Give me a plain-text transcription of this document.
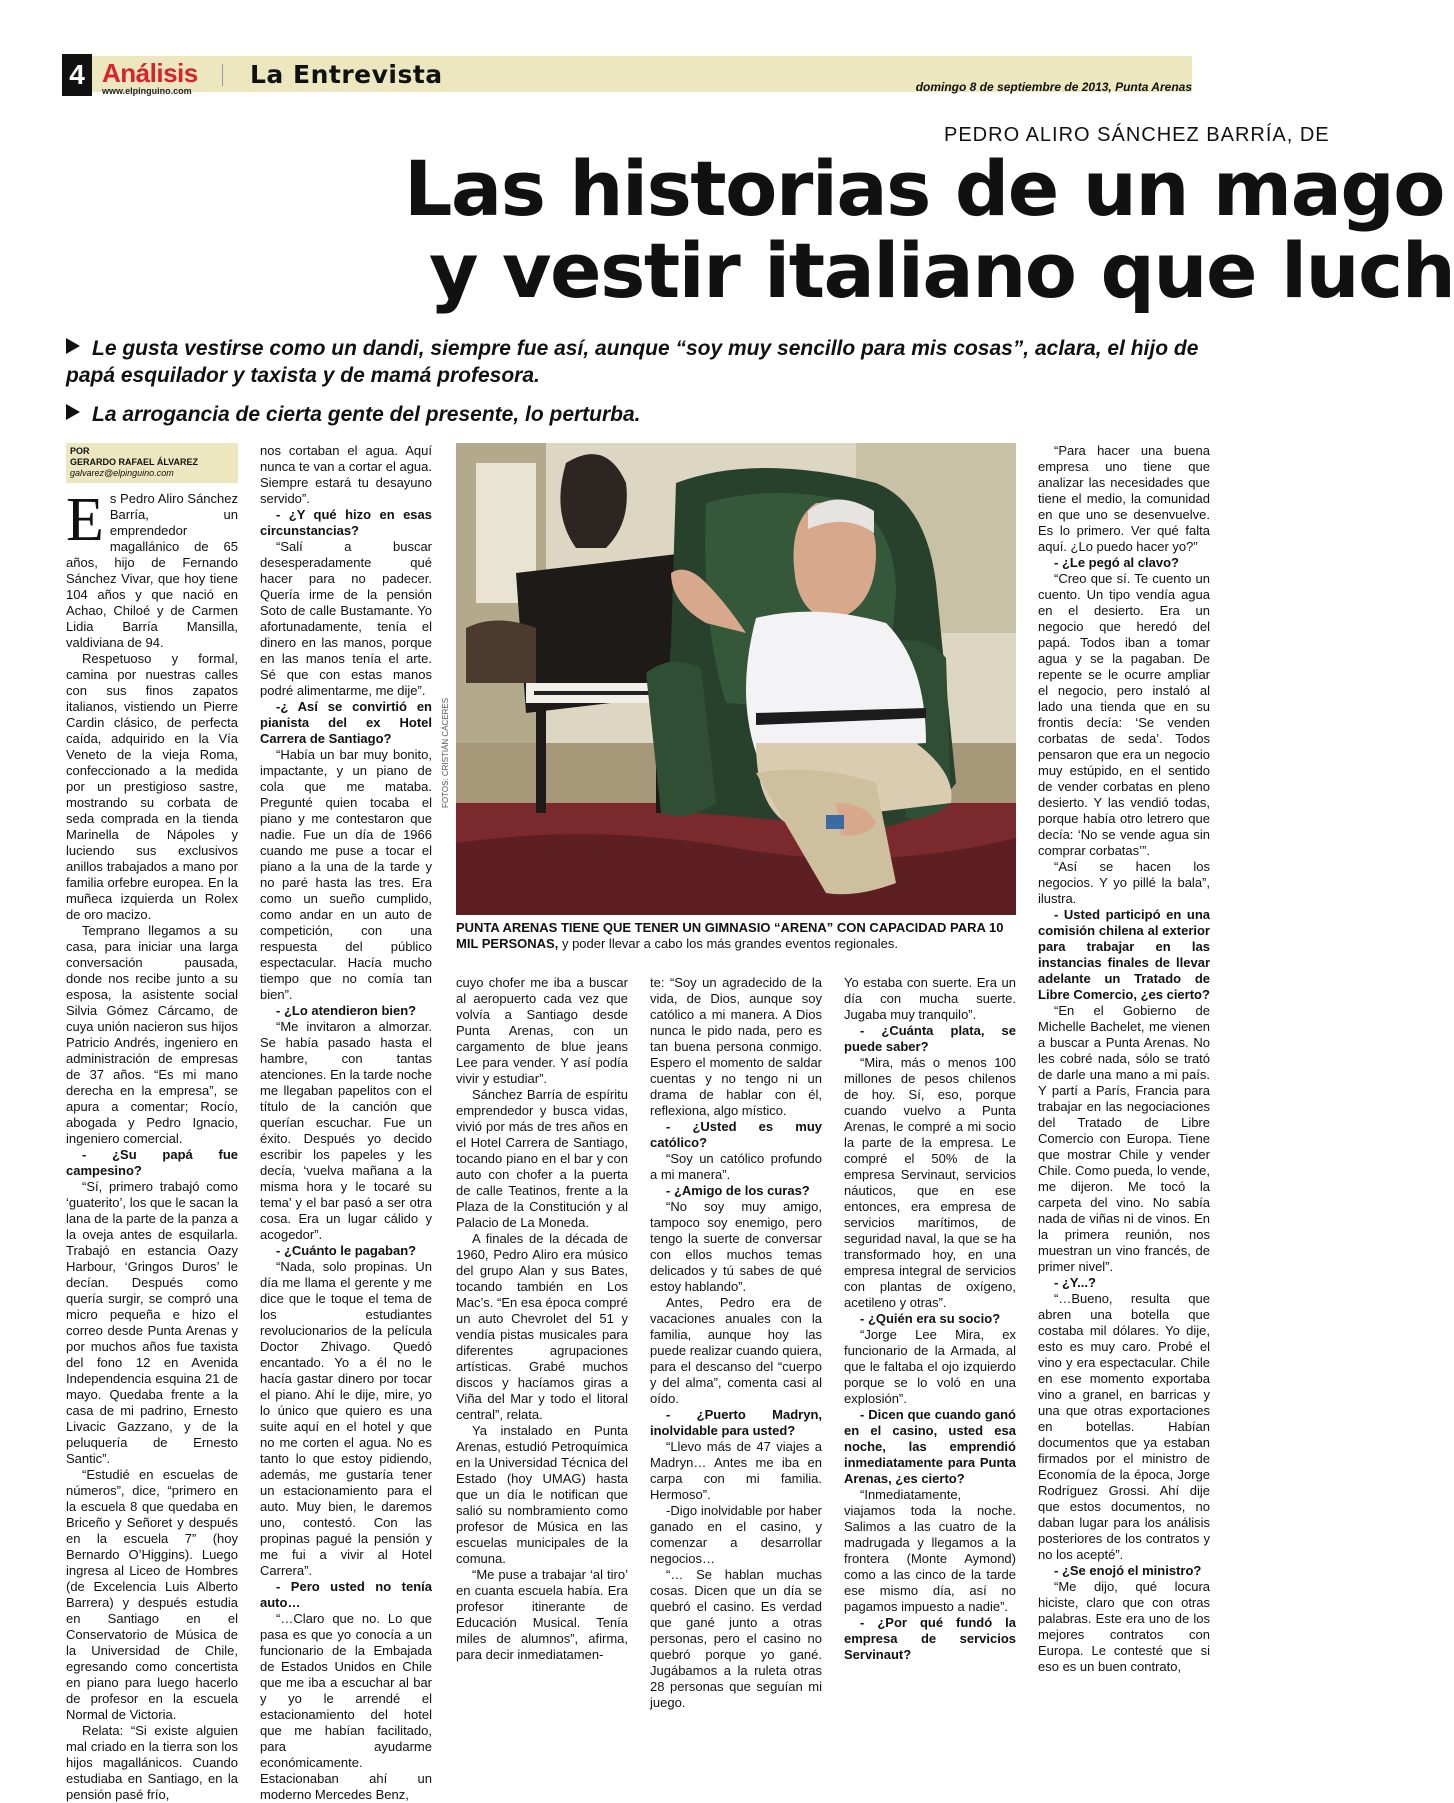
4 Análisis
www.elpinguino.com
La Entrevista	domingo 8 de septiembre de 2013, Punta Arenas
PEDRO ALIRO SÁNCHEZ BARRÍA, DE
Las historias de un mago
y vestir italiano que luch
Le gusta vestirse como un dandi, siempre fue así, aunque “soy muy sencillo para mis cosas”, aclara, el hijo de papá esquilador y taxista y de mamá profesora.
La arrogancia de cierta gente del presente, lo perturba.
POR
GERARDO RAFAEL ÁLVAREZ
galvarez@elpinguino.com
E s Pedro Aliro Sánchez Barría, un emprendedor magallánico de 65 años, hijo de Fernando Sánchez Vivar, que hoy tiene 104 años y que nació en Achao, Chiloé y de Carmen Lidia Barría Mansilla, valdiviana de 94.

Respetuoso y formal, camina por nuestras calles con sus finos zapatos italianos, vistiendo un Pierre Cardin clásico, de perfecta caída, adquirido en la Vía Veneto de la vieja Roma, confeccionado a la medida por un prestigioso sastre, mostrando su corbata de seda comprada en la tienda Marinella de Nápoles y luciendo sus exclusivos anillos trabajados a mano por familia orfebre europea. En la muñeca izquierda un Rolex de oro macizo.

Temprano llegamos a su casa, para iniciar una larga conversación pausada, donde nos recibe junto a su esposa, la asistente social Silvia Gómez Cárcamo, de cuya unión nacieron sus hijos Patricio Andrés, ingeniero en administración de empresas de 37 años. “Es mi mano derecha en la empresa”, se apura a comentar; Rocío, abogada y Pedro Ignacio, ingeniero comercial.

- ¿Su papá fue campesino?

“Sí, primero trabajó como ‘guaterito’, los que le sacan la lana de la parte de la panza a la oveja antes de esquilarla. Trabajó en estancia Oazy Harbour, ‘Gringos Duros’ le decían. Después como quería surgir, se compró una micro pequeña e hizo el correo desde Punta Arenas y por muchos años fue taxista del fono 12 en Avenida Independencia esquina 21 de mayo. Quedaba frente a la casa de mi padrino, Ernesto Livacic Gazzano, y de la peluquería de Ernesto Santic”.

“Estudié en escuelas de números”, dice, “primero en la escuela 8 que quedaba en Briceño y Señoret y después en la escuela 7” (hoy Bernardo O’Higgins). Luego ingresa al Liceo de Hombres (de Excelencia Luis Alberto Barrera) y después estudia en Santiago en el Conservatorio de Música de la Universidad de Chile, egresando como concertista en piano para luego hacerlo de profesor en la escuela Normal de Victoria.

Relata: “Si existe alguien mal criado en la tierra son los hijos magallánicos. Cuando estudiaba en Santiago, en la pensión pasé frío,

nos cortaban el agua. Aquí nunca te van a cortar el agua. Siempre estará tu desayuno servido”.

- ¿Y qué hizo en esas circunstancias?

“Salí a buscar desesperadamente qué hacer para no padecer. Quería irme de la pensión Soto de calle Bustamante. Yo afortunadamente, tenía el dinero en las manos, porque en las manos tenía el arte. Sé que con estas manos podré alimentarme, me dije”.

-¿ Así se convirtió en pianista del ex Hotel Carrera de Santiago?

“Había un bar muy bonito, impactante, y un piano de cola que me mataba. Pregunté quien tocaba el piano y me contestaron que nadie. Fue un día de 1966 cuando me puse a tocar el piano a la una de la tarde y no paré hasta las tres. Era como un sueño cumplido, como andar en un auto de competición, con una respuesta del público espectacular. Hacía mucho tiempo que no comía tan bien”.

- ¿Lo atendieron bien?

“Me invitaron a almorzar. Se había pasado hasta el hambre, con tantas atenciones. En la tarde noche me llegaban papelitos con el título de la canción que querían escuchar. Fue un éxito. Después yo decido escribir los papeles y les decía, ‘vuelva mañana a la misma hora y le tocaré su tema’ y el bar pasó a ser otra cosa. Era un lugar cálido y acogedor”.

- ¿Cuánto le pagaban?

“Nada, solo propinas. Un día me llama el gerente y me dice que le toque el tema de los estudiantes revolucionarios de la película Doctor Zhivago. Quedó encantado. Yo a él no le hacía gastar dinero por tocar el piano. Ahí le dije, mire, yo lo único que quiero es una suite aquí en el hotel y que no me corten el agua. No es tanto lo que estoy pidiendo, además, me gustaría tener un estacionamiento para el auto. Muy bien, le daremos uno, contestó. Con las propinas pagué la pensión y me fui a vivir al Hotel Carrera”.

- Pero usted no tenía auto…

“…Claro que no. Lo que pasa es que yo conocía a un funcionario de la Embajada de Estados Unidos en Chile que me iba a escuchar al bar y yo le arrendé el estacionamiento del hotel que me habían facilitado, para ayudarme económicamente. Estacionaban ahí un moderno Mercedes Benz,

FOTOS: CRISTIÁN CÁCERES
PUNTA ARENAS TIENE QUE TENER UN GIMNASIO “ARENA” CON CAPACIDAD PARA 10 MIL PERSONAS, y poder llevar a cabo los más grandes eventos regionales.

cuyo chofer me iba a buscar al aeropuerto cada vez que volvía a Santiago desde Punta Arenas, con un cargamento de blue jeans Lee para vender. Y así podía vivir y estudiar”.

Sánchez Barría de espíritu emprendedor y busca vidas, vivió por más de tres años en el Hotel Carrera de Santiago, tocando piano en el bar y con auto con chofer a la puerta de calle Teatinos, frente a la Plaza de la Constitución y al Palacio de La Moneda.

A finales de la década de 1960, Pedro Aliro era músico del grupo Alan y sus Bates, tocando también en Los Mac’s. “En esa época compré un auto Chevrolet del 51 y vendía pistas musicales para diferentes agrupaciones artísticas. Grabé muchos discos y hacíamos giras a Viña del Mar y todo el litoral central”, relata.

Ya instalado en Punta Arenas, estudió Petroquímica en la Universidad Técnica del Estado (hoy UMAG) hasta que un día le notifican que salió su nombramiento como profesor de Música en las escuelas municipales de la comuna.

“Me puse a trabajar ‘al tiro’ en cuanta escuela había. Era profesor itinerante de Educación Musical. Tenía miles de alumnos”, afirma, para decir inmediatamen-

te: “Soy un agradecido de la vida, de Dios, aunque soy católico a mi manera. A Dios nunca le pido nada, pero es tan buena persona conmigo. Espero el momento de saldar cuentas y no tengo ni un drama de hablar con él, reflexiona, algo místico.

- ¿Usted es muy católico?

“Soy un católico profundo a mi manera”.

- ¿Amigo de los curas?

“No soy muy amigo, tampoco soy enemigo, pero tengo la suerte de conversar con ellos muchos temas delicados y tú sabes de qué estoy hablando”.

Antes, Pedro era de vacaciones anuales con la familia, aunque hoy las puede realizar cuando quiera, para el descanso del “cuerpo y del alma”, comenta casi al oído.

- ¿Puerto Madryn, inolvidable para usted?

“Llevo más de 47 viajes a Madryn… Antes me iba en carpa con mi familia. Hermoso”.

-Digo inolvidable por haber ganado en el casino, y comenzar a desarrollar negocios…

“… Se hablan muchas cosas. Dicen que un día se quebró el casino. Es verdad que gané junto a otras personas, pero el casino no quebró porque yo gané. Jugábamos a la ruleta otras 28 personas que seguían mi juego.

Yo estaba con suerte. Era un día con mucha suerte. Jugaba muy tranquilo”.

- ¿Cuánta plata, se puede saber?

“Mira, más o menos 100 millones de pesos chilenos de hoy. Sí, eso, porque cuando vuelvo a Punta Arenas, le compré a mi socio la parte de la empresa. Le compré el 50% de la empresa Servinaut, servicios náuticos, que en ese entonces, era empresa de servicios marítimos, de seguridad naval, la que se ha transformado hoy, en una empresa integral de servicios con plantas de oxígeno, acetileno y otras”.

- ¿Quién era su socio?

“Jorge Lee Mira, ex funcionario de la Armada, al que le faltaba el ojo izquierdo porque se lo voló en una explosión”.

- Dicen que cuando ganó en el casino, usted esa noche, las emprendió inmediatamente para Punta Arenas, ¿es cierto?

“Inmediatamente, viajamos toda la noche. Salimos a las cuatro de la madrugada y llegamos a la frontera (Monte Aymond) como a las cinco de la tarde ese mismo día, así no pagamos impuesto a nadie”.

- ¿Por qué fundó la empresa de servicios Servinaut?

“Para hacer una buena empresa uno tiene que analizar las necesidades que tiene el medio, la comunidad en que uno se desenvuelve. Es lo primero. Ver qué falta aquí. ¿Lo puedo hacer yo?”

- ¿Le pegó al clavo?

“Creo que sí. Te cuento un cuento. Un tipo vendía agua en el desierto. Era un negocio que heredó del papá. Todos iban a tomar agua y se la pagaban. De repente se le ocurre ampliar el negocio, pero instaló al lado una tienda que en su frontis decía: ‘Se venden corbatas de seda’. Todos pensaron que era un negocio muy estúpido, en el sentido de vender corbatas en pleno desierto. Y las vendió todas, porque había otro letrero que decía: ‘No se vende agua sin comprar corbatas’”.

“Así se hacen los negocios. Y yo pillé la bala”, ilustra.

- Usted participó en una comisión chilena al exterior para trabajar en las instancias finales de llevar adelante un Tratado de Libre Comercio, ¿es cierto?

“En el Gobierno de Michelle Bachelet, me vienen a buscar a Punta Arenas. No les cobré nada, sólo se trató de darle una mano a mi país. Y partí a París, Francia para trabajar en las negociaciones del Tratado de Libre Comercio con Europa. Tiene que mostrar Chile y vender Chile. Como pueda, lo vende, me dijeron. Me tocó la carpeta del vino. No sabía nada de viñas ni de vinos. En la primera reunión, nos muestran un vino francés, de primer nivel”.

- ¿Y...?

“…Bueno, resulta que abren una botella que costaba mil dólares. Yo dije, esto es muy caro. Probé el vino y era espectacular. Chile en ese momento exportaba vino a granel, en barricas y una que otras exportaciones en botellas. Habían documentos que ya estaban firmados por el ministro de Economía de la época, Jorge Rodríguez Grossi. Ahí dije que estos documentos, no daban lugar para los análisis posteriores de los contratos y no los acepté”.

- ¿Se enojó el ministro?

“Me dijo, qué locura hiciste, claro que con otras palabras. Este era uno de los mejores contratos con Europa. Le contesté que si eso es un buen contrato,
